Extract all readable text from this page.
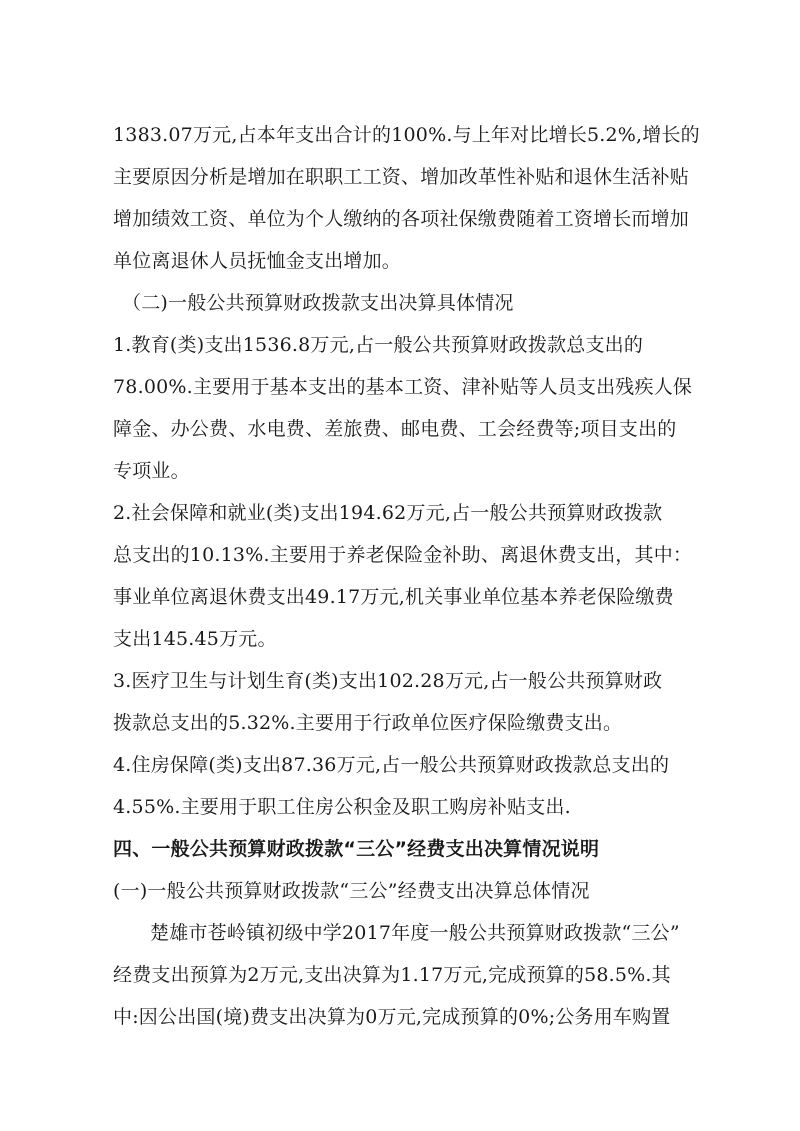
1383.07万元,占本年支出合计的100%.与上年对比增长5.2%,增长的
主要原因分析是增加在职职工工资、增加改革性补贴和退休生活补贴
增加绩效工资、单位为个人缴纳的各项社保缴费随着工资增长而增加
单位离退休人员抚恤金支出增加。
（二)一般公共预算财政拨款支出决算具体情况
1.教育(类)支出1536.8万元,占一般公共预算财政拨款总支出的
78.00%.主要用于基本支出的基本工资、津补贴等人员支出残疾人保
障金、办公费、水电费、差旅费、邮电费、工会经费等;项目支出的
专项业。
2.社会保障和就业(类)支出194.62万元,占一般公共预算财政拨款
总支出的10.13%.主要用于养老保险金补助、离退休费支出，其中：
事业单位离退休费支出49.17万元,机关事业单位基本养老保险缴费
支出145.45万元。
3.医疗卫生与计划生育(类)支出102.28万元,占一般公共预算财政
拨款总支出的5.32%.主要用于行政单位医疗保险缴费支出。
4.住房保障(类)支出87.36万元,占一般公共预算财政拨款总支出的
4.55%.主要用于职工住房公积金及职工购房补贴支出.
四、一般公共预算财政拨款“三公”经费支出决算情况说明
(一)一般公共预算财政拨款“三公”经费支出决算总体情况
楚雄市苍岭镇初级中学2017年度一般公共预算财政拨款“三公”
经费支出预算为2万元,支出决算为1.17万元,完成预算的58.5%.其
中:因公出国(境)费支出决算为0万元,完成预算的0%;公务用车购置
